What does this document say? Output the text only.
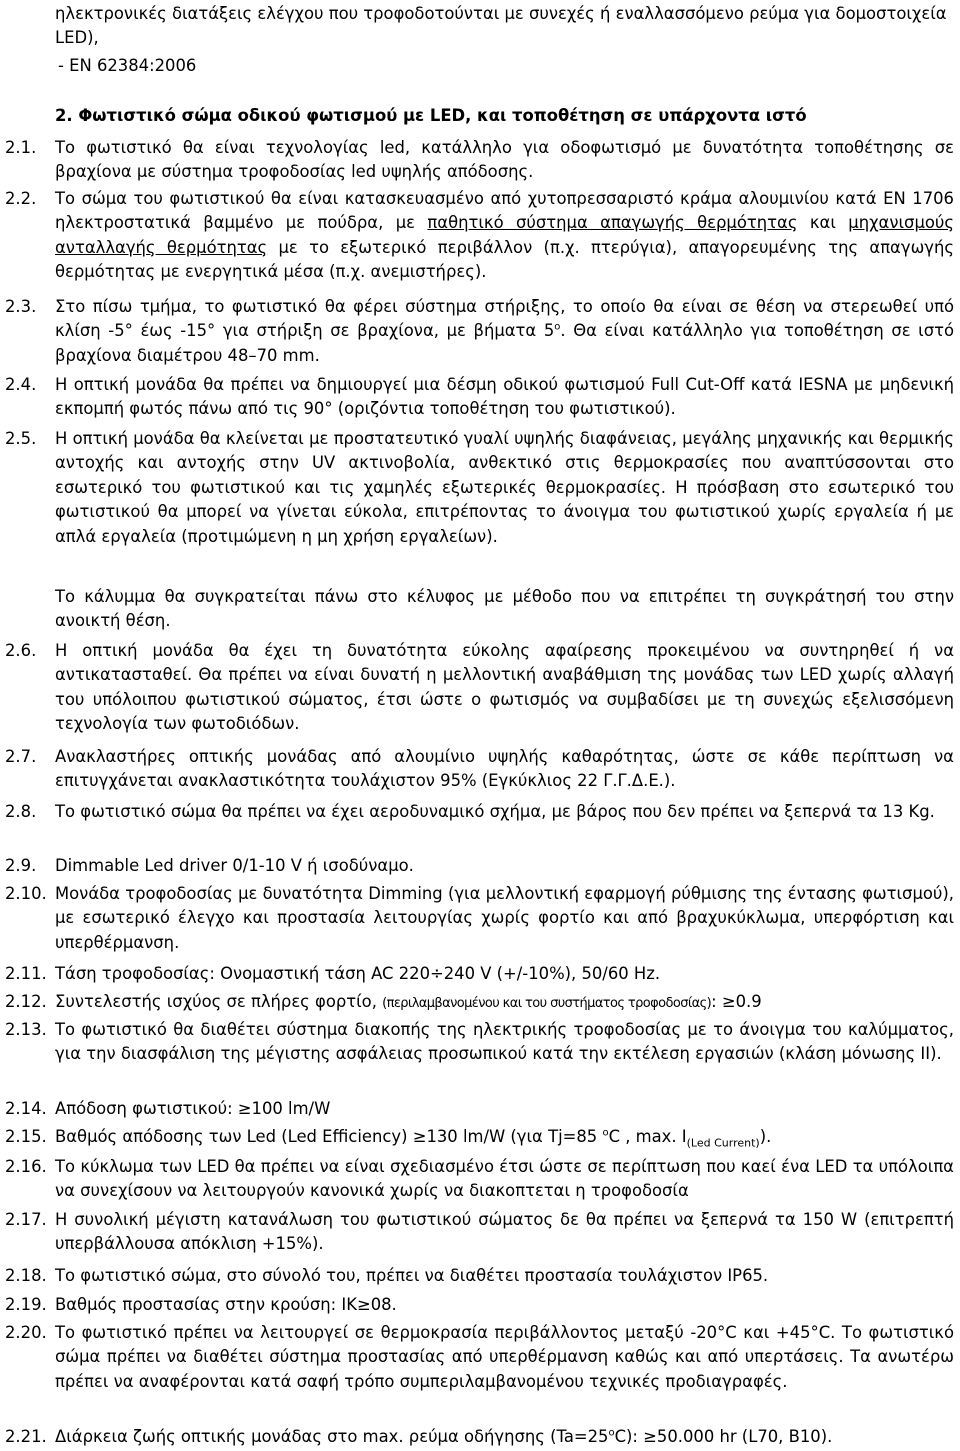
ηλεκτρονικές διατάξεις ελέγχου που τροφοδοτούνται με συνεχές ή εναλλασσόμενο ρεύμα για δομοστοιχεία LED),
- EN 62384:2006
2. Φωτιστικό σώμα οδικού φωτισμού με LED, και τοποθέτηση σε υπάρχοντα ιστό
2.1. Το φωτιστικό θα είναι τεχνολογίας led, κατάλληλο για οδοφωτισμό με δυνατότητα τοποθέτησης σε βραχίονα με σύστημα τροφοδοσίας led υψηλής απόδοσης.
2.2. Το σώμα του φωτιστικού θα είναι κατασκευασμένο από χυτοπρεσσαριστό κράμα αλουμινίου κατά EN 1706 ηλεκτροστατικά βαμμένο με πούδρα, με παθητικό σύστημα απαγωγής θερμότητας και μηχανισμούς ανταλλαγής θερμότητας με το εξωτερικό περιβάλλον (π.χ. πτερύγια), απαγορευμένης της απαγωγής θερμότητας με ενεργητικά μέσα (π.χ. ανεμιστήρες).
2.3. Στο πίσω τμήμα, το φωτιστικό θα φέρει σύστημα στήριξης, το οποίο θα είναι σε θέση να στερεωθεί υπό κλίση -5° έως -15° για στήριξη σε βραχίονα, με βήματα $5^o$. Θα είναι κατάλληλο για τοποθέτηση σε ιστό βραχίονα διαμέτρου 48–70 mm.
2.4. Η οπτική μονάδα θα πρέπει να δημιουργεί μια δέσμη οδικού φωτισμού Full Cut-Off κατά IESNA με μηδενική εκπομπή φωτός πάνω από τις 90° (οριζόντια τοποθέτηση του φωτιστικού).
2.5. Η οπτική μονάδα θα κλείνεται με προστατευτικό γυαλί υψηλής διαφάνειας, μεγάλης μηχανικής και θερμικής αντοχής και αντοχής στην UV ακτινοβολία, ανθεκτικό στις θερμοκρασίες που αναπτύσσονται στο εσωτερικό του φωτιστικού και τις χαμηλές εξωτερικές θερμοκρασίες. Η πρόσβαση στο εσωτερικό του φωτιστικού θα μπορεί να γίνεται εύκολα, επιτρέποντας το άνοιγμα του φωτιστικού χωρίς εργαλεία ή με απλά εργαλεία (προτιμώμενη η μη χρήση εργαλείων).
Το κάλυμμα θα συγκρατείται πάνω στο κέλυφος με μέθοδο που να επιτρέπει τη συγκράτησή του στην ανοικτή θέση.
2.6. Η οπτική μονάδα θα έχει τη δυνατότητα εύκολης αφαίρεσης προκειμένου να συντηρηθεί ή να αντικατασταθεί. Θα πρέπει να είναι δυνατή η μελλοντική αναβάθμιση της μονάδας των LED χωρίς αλλαγή του υπόλοιπου φωτιστικού σώματος, έτσι ώστε ο φωτισμός να συμβαδίσει με τη συνεχώς εξελισσόμενη τεχνολογία των φωτοδιόδων.
2.7. Ανακλαστήρες οπτικής μονάδας από αλουμίνιο υψηλής καθαρότητας, ώστε σε κάθε περίπτωση να επιτυγχάνεται ανακλαστικότητα τουλάχιστον 95% (Εγκύκλιος 22 Γ.Γ.Δ.Ε.).
2.8. Το φωτιστικό σώμα θα πρέπει να έχει αεροδυναμικό σχήμα, με βάρος που δεν πρέπει να ξεπερνά τα 13 Kg.
2.9. Dimmable Led driver 0/1-10 V ή ισοδύναμο.
2.10. Μονάδα τροφοδοσίας με δυνατότητα Dimming (για μελλοντική εφαρμογή ρύθμισης της έντασης φωτισμού), με εσωτερικό έλεγχο και προστασία λειτουργίας χωρίς φορτίο και από βραχυκύκλωμα, υπερφόρτιση και υπερθέρμανση.
2.11. Τάση τροφοδοσίας: Ονομαστική τάση AC 220÷240 V (+/-10%), 50/60 Hz.
2.12. Συντελεστής ισχύος σε πλήρες φορτίο, (περιλαμβανομένου και του συστήματος τροφοδοσίας): ≥0.9
2.13. Το φωτιστικό θα διαθέτει σύστημα διακοπής της ηλεκτρικής τροφοδοσίας με το άνοιγμα του καλύμματος, για την διασφάλιση της μέγιστης ασφάλειας προσωπικού κατά την εκτέλεση εργασιών (κλάση μόνωσης ΙΙ).
2.14. Απόδοση φωτιστικού: ≥100 lm/W
2.15. Βαθμός απόδοσης των Led (Led Efficiency) ≥130 lm/W (για Tj=85 $^o$C , max. $I_{(Led Current)}$).
2.16. Το κύκλωμα των LED θα πρέπει να είναι σχεδιασμένο έτσι ώστε σε περίπτωση που καεί ένα LED τα υπόλοιπα να συνεχίσουν να λειτουργούν κανονικά χωρίς να διακοπτεται η τροφοδοσία
2.17. Η συνολική μέγιστη κατανάλωση του φωτιστικού σώματος δε θα πρέπει να ξεπερνά τα 150 W (επιτρεπτή υπερβάλλουσα απόκλιση +15%).
2.18. Το φωτιστικό σώμα, στο σύνολό του, πρέπει να διαθέτει προστασία τουλάχιστον IP65.
2.19. Βαθμός προστασίας στην κρούση: IK≥08.
2.20. Το φωτιστικό πρέπει να λειτουργεί σε θερμοκρασία περιβάλλοντος μεταξύ -20°C και +45°C. Το φωτιστικό σώμα πρέπει να διαθέτει σύστημα προστασίας από υπερθέρμανση καθώς και από υπερτάσεις. Τα ανωτέρω πρέπει να αναφέρονται κατά σαφή τρόπο συμπεριλαμβανομένου τεχνικές προδιαγραφές.
2.21. Διάρκεια ζωής οπτικής μονάδας στο max. ρεύμα οδήγησης $(Ta=25^oC)$: ≥50.000 hr (L70, B10).
